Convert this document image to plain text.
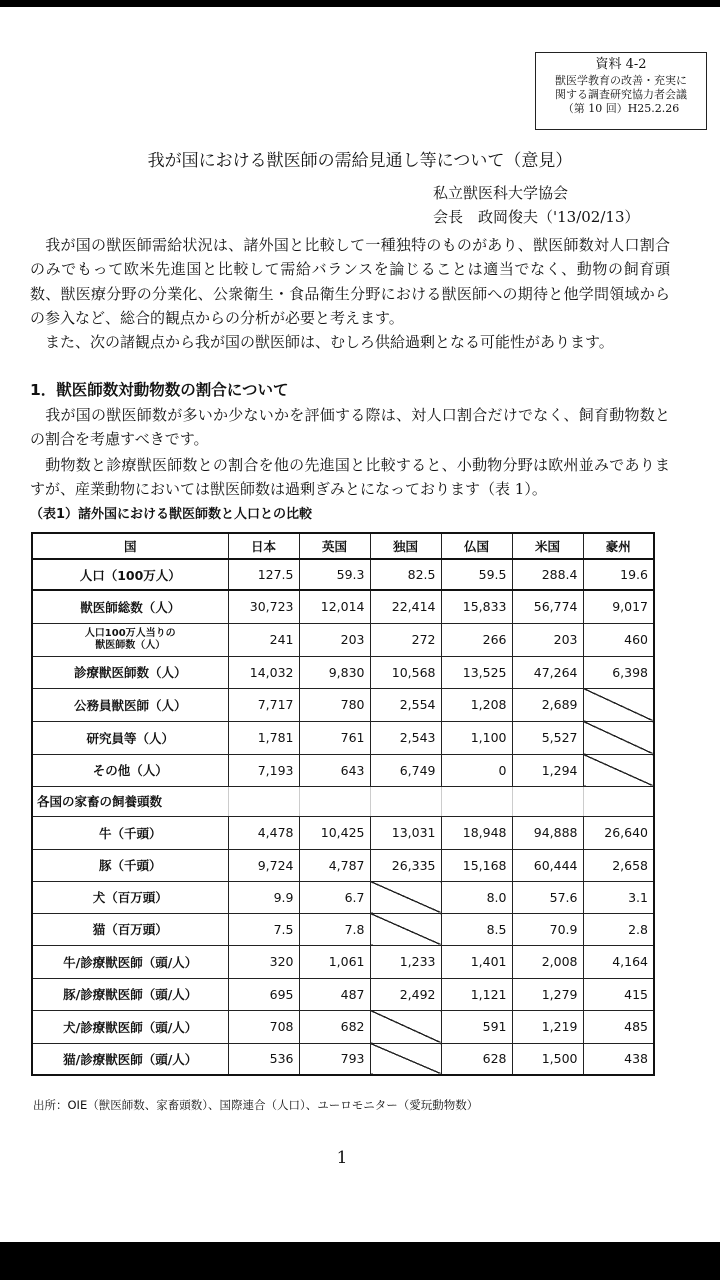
資料 4-2
獣医学教育の改善・充実に
関する調査研究協力者会議
（第 10 回）H25.2.26
我が国における獣医師の需給見通し等について（意見）
私立獣医科大学協会
会長　政岡俊夫（'13/02/13）
　我が国の獣医師需給状況は、諸外国と比較して一種独特のものがあり、獣医師数対人口割合のみでもって欧米先進国と比較して需給バランスを論じることは適当でなく、動物の飼育頭数、獣医療分野の分業化、公衆衛生・食品衛生分野における獣医師への期待と他学問領域からの参入など、総合的観点からの分析が必要と考えます。
　また、次の諸観点から我が国の獣医師は、むしろ供給過剰となる可能性があります。
1．獣医師数対動物数の割合について
　我が国の獣医師数が多いか少ないかを評価する際は、対人口割合だけでなく、飼育動物数との割合を考慮すべきです。
　動物数と診療獣医師数との割合を他の先進国と比較すると、小動物分野は欧州並みでありますが、産業動物においては獣医師数は過剰ぎみとになっております（表 1）。
（表1）諸外国における獣医師数と人口との比較
国	日本	英国	独国	仏国	米国	豪州
人口（100万人）	127.5	59.3	82.5	59.5	288.4	19.6
獣医師総数（人）	30,723	12,014	22,414	15,833	56,774	9,017
人口100万人当りの
獣医師数（人）	241	203	272	266	203	460
診療獣医師数（人）	14,032	9,830	10,568	13,525	47,264	6,398
公務員獣医師（人）	7,717	780	2,554	1,208	2,689	
研究員等（人）	1,781	761	2,543	1,100	5,527	
その他（人）	7,193	643	6,749	0	1,294	
各国の家畜の飼養頭数						
牛（千頭）	4,478	10,425	13,031	18,948	94,888	26,640
豚（千頭）	9,724	4,787	26,335	15,168	60,444	2,658
犬（百万頭）	9.9	6.7		8.0	57.6	3.1
猫（百万頭）	7.5	7.8		8.5	70.9	2.8
牛/診療獣医師（頭/人）	320	1,061	1,233	1,401	2,008	4,164
豚/診療獣医師（頭/人）	695	487	2,492	1,121	1,279	415
犬/診療獣医師（頭/人）	708	682		591	1,219	485
猫/診療獣医師（頭/人）	536	793		628	1,500	438
出所：OIE（獣医師数、家畜頭数）、国際連合（人口）、ユーロモニター（愛玩動物数）
1
